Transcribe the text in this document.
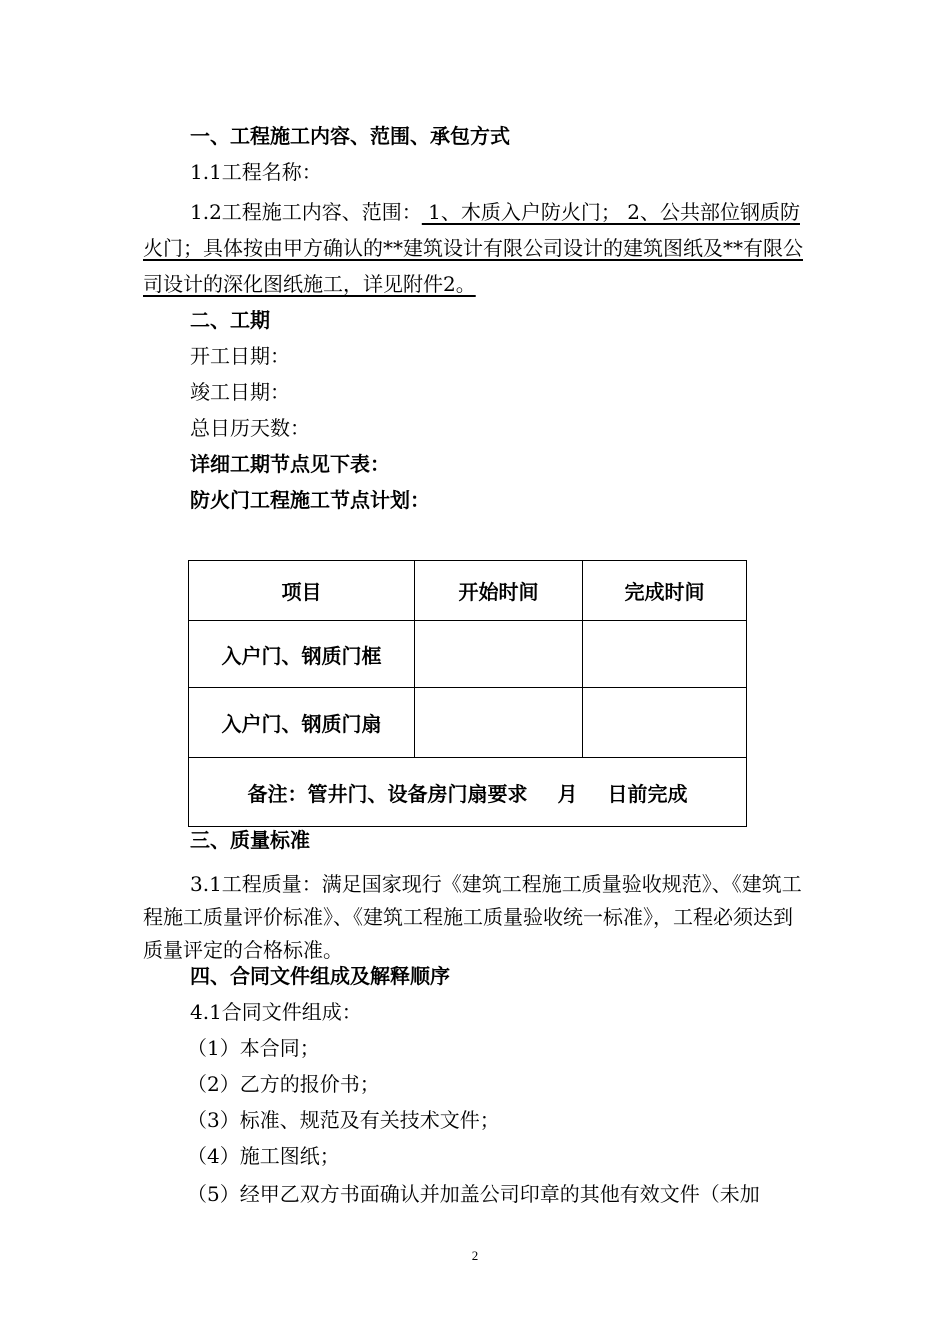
一、工程施工内容、范围、承包方式
1.1工程名称：
1.2工程施工内容、范围： 1、木质入户防火门； 2、公共部位钢质防火门；具体按由甲方确认的**建筑设计有限公司设计的建筑图纸及**有限公司设计的深化图纸施工，详见附件2。
二、工期
开工日期：
竣工日期：
总日历天数：
详细工期节点见下表：
防火门工程施工节点计划：
项目	开始时间	完成时间
入户门、钢质门框		
入户门、钢质门扇		
备注：管井门、设备房门扇要求 月 日前完成		
三、质量标准
3.1工程质量：满足国家现行《建筑工程施工质量验收规范》、《建筑工程施工质量评价标准》、《建筑工程施工质量验收统一标准》，工程必须达到质量评定的合格标准。
四、合同文件组成及解释顺序
4.1合同文件组成：
（1）本合同；
（2）乙方的报价书；
（3）标准、规范及有关技术文件；
（4）施工图纸；
（5）经甲乙双方书面确认并加盖公司印章的其他有效文件（未加
2
